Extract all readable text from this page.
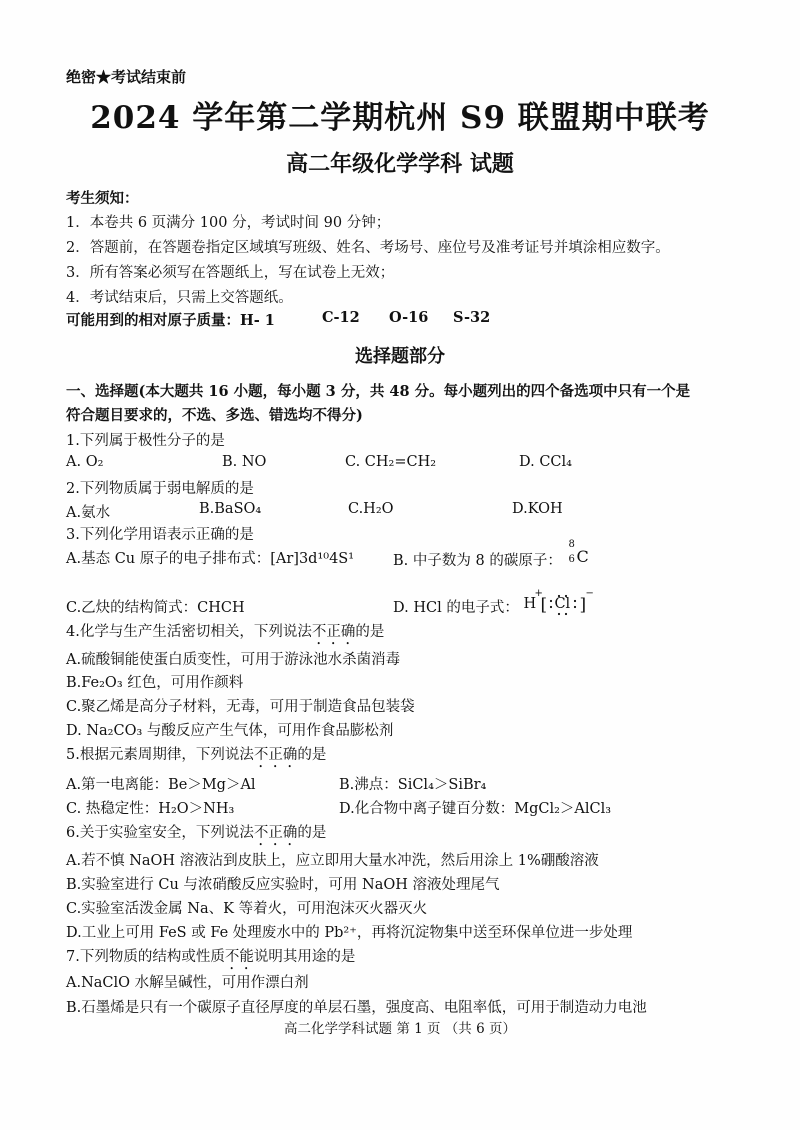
绝密★考试结束前
2024 学年第二学期杭州 S9 联盟期中联考
高二年级化学学科 试题
考生须知：
1．本卷共 6 页满分 100 分，考试时间 90 分钟；
2．答题前，在答题卷指定区域填写班级、姓名、考场号、座位号及准考证号并填涂相应数字。
3．所有答案必须写在答题纸上，写在试卷上无效；
4．考试结束后，只需上交答题纸。
可能用到的相对原子质量：H- 1	C-12 O-16 S-32
选择题部分
一、选择题(本大题共 16 小题，每小题 3 分，共 48 分。每小题列出的四个备选项中只有一个是
符合题目要求的，不选、多选、错选均不得分)
1.下列属于极性分子的是
A. O₂	B. NO	C. CH₂=CH₂	D. CCl₄
2.下列物质属于弱电解质的是
A.氨水	B.BaSO₄	C.H₂O	D.KOH
3.下列化学用语表示正确的是
A.基态 Cu 原子的电子排布式：[Ar]3d¹⁰4S¹	B. 中子数为 8 的碳原子：
8
6 C
C.乙炔的结构简式：CHCH	D. HCl 的电子式： H
+
[ Cl ]
−
4.化学与生产生活密切相关，下列说法不正确的是
A.硫酸铜能使蛋白质变性，可用于游泳池水杀菌消毒
B.Fe₂O₃ 红色，可用作颜料
C.聚乙烯是高分子材料，无毒，可用于制造食品包装袋
D. Na₂CO₃ 与酸反应产生气体，可用作食品膨松剂
5.根据元素周期律，下列说法不正确的是
A.第一电离能：Be＞Mg＞Al	B.沸点：SiCl₄＞SiBr₄
C. 热稳定性：H₂O＞NH₃	D.化合物中离子键百分数：MgCl₂＞AlCl₃
6.关于实验室安全，下列说法不正确的是
A.若不慎 NaOH 溶液沾到皮肤上，应立即用大量水冲洗，然后用涂上 1%硼酸溶液
B.实验室进行 Cu 与浓硝酸反应实验时，可用 NaOH 溶液处理尾气
C.实验室活泼金属 Na、K 等着火，可用泡沫灭火器灭火
D.工业上可用 FeS 或 Fe 处理废水中的 Pb²⁺，再将沉淀物集中送至环保单位进一步处理
7.下列物质的结构或性质不能说明其用途的是
A.NaClO 水解呈碱性，可用作漂白剂
B.石墨烯是只有一个碳原子直径厚度的单层石墨，强度高、电阻率低，可用于制造动力电池
高二化学学科试题 第 1 页 （共 6 页）
